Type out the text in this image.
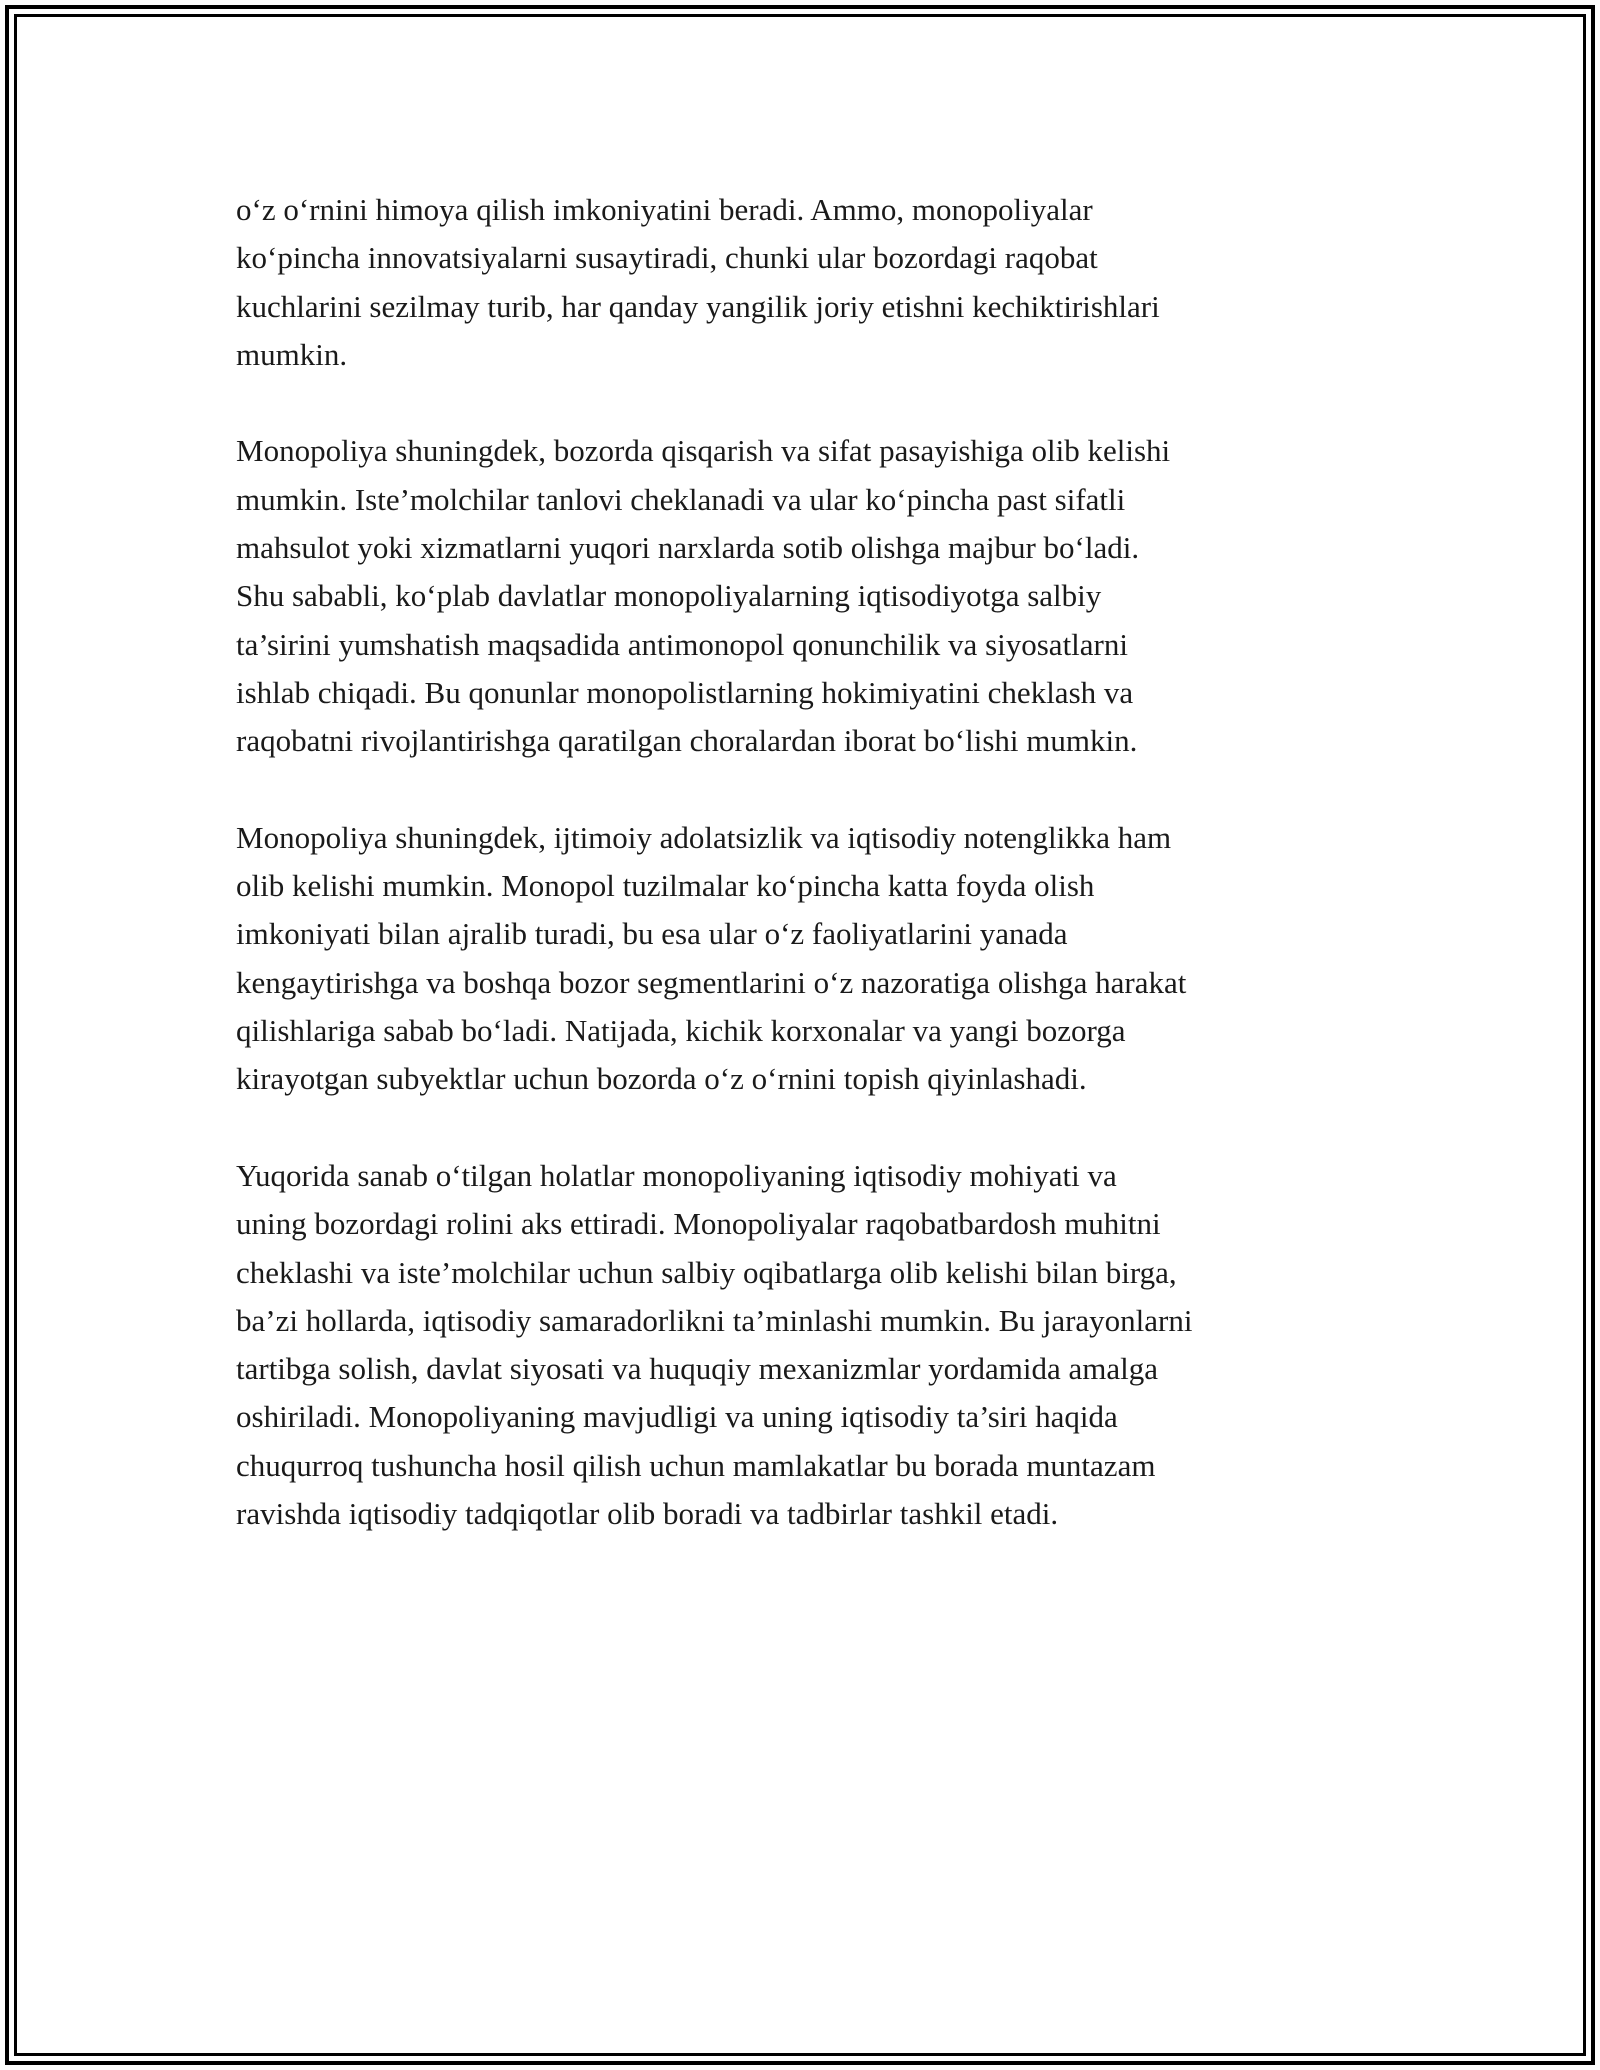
o‘z o‘rnini himoya qilish imkoniyatini beradi. Ammo, monopoliyalar
ko‘pincha innovatsiyalarni susaytiradi, chunki ular bozordagi raqobat
kuchlarini sezilmay turib, har qanday yangilik joriy etishni kechiktirishlari
mumkin.

Monopoliya shuningdek, bozorda qisqarish va sifat pasayishiga olib kelishi
mumkin. Iste’molchilar tanlovi cheklanadi va ular ko‘pincha past sifatli
mahsulot yoki xizmatlarni yuqori narxlarda sotib olishga majbur bo‘ladi.
Shu sababli, ko‘plab davlatlar monopoliyalarning iqtisodiyotga salbiy
ta’sirini yumshatish maqsadida antimonopol qonunchilik va siyosatlarni
ishlab chiqadi. Bu qonunlar monopolistlarning hokimiyatini cheklash va
raqobatni rivojlantirishga qaratilgan choralardan iborat bo‘lishi mumkin.

Monopoliya shuningdek, ijtimoiy adolatsizlik va iqtisodiy notenglikka ham
olib kelishi mumkin. Monopol tuzilmalar ko‘pincha katta foyda olish
imkoniyati bilan ajralib turadi, bu esa ular o‘z faoliyatlarini yanada
kengaytirishga va boshqa bozor segmentlarini o‘z nazoratiga olishga harakat
qilishlariga sabab bo‘ladi. Natijada, kichik korxonalar va yangi bozorga
kirayotgan subyektlar uchun bozorda o‘z o‘rnini topish qiyinlashadi.

Yuqorida sanab o‘tilgan holatlar monopoliyaning iqtisodiy mohiyati va
uning bozordagi rolini aks ettiradi. Monopoliyalar raqobatbardosh muhitni
cheklashi va iste’molchilar uchun salbiy oqibatlarga olib kelishi bilan birga,
ba’zi hollarda, iqtisodiy samaradorlikni ta’minlashi mumkin. Bu jarayonlarni
tartibga solish, davlat siyosati va huquqiy mexanizmlar yordamida amalga
oshiriladi. Monopoliyaning mavjudligi va uning iqtisodiy ta’siri haqida
chuqurroq tushuncha hosil qilish uchun mamlakatlar bu borada muntazam
ravishda iqtisodiy tadqiqotlar olib boradi va tadbirlar tashkil etadi.
